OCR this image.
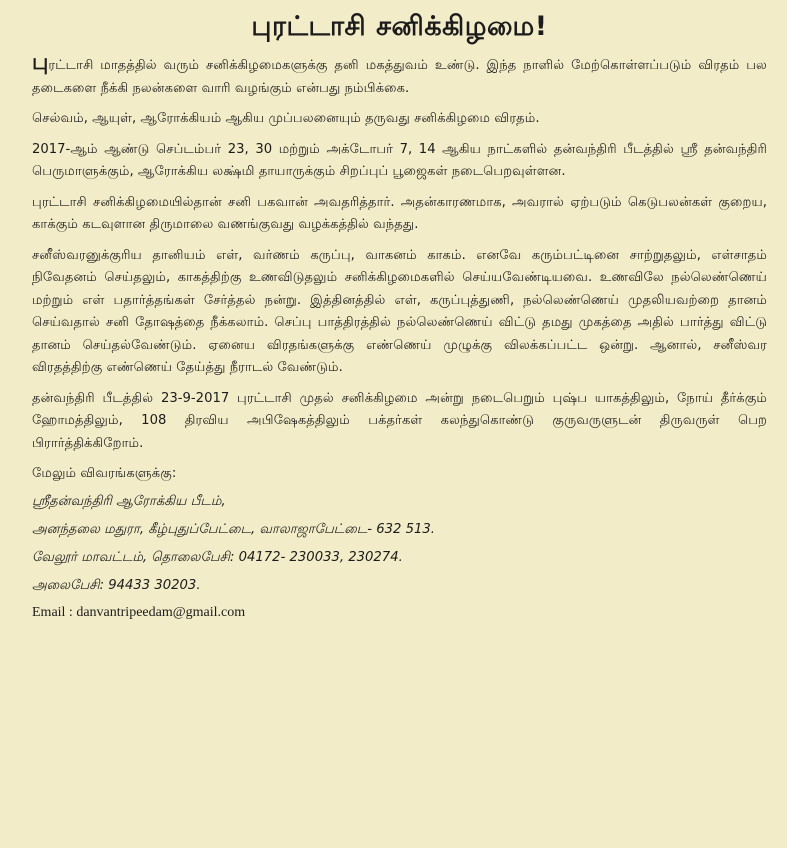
புரட்டாசி சனிக்கிழமை!

புரட்டாசி மாதத்தில் வரும் சனிக்கிழமைகளுக்கு தனி மகத்துவம் உண்டு. இந்த நாளில் மேற்கொள்ளப்படும் விரதம் பல தடைகளை நீக்கி நலன்களை வாரி வழங்கும் என்பது நம்பிக்கை.

செல்வம், ஆயுள், ஆரோக்கியம் ஆகிய முப்பலனையும் தருவது சனிக்கிழமை விரதம்.

2017-ஆம் ஆண்டு செப்டம்பர் 23, 30 மற்றும் அக்டோபர் 7, 14 ஆகிய நாட்களில் தன்வந்திரி பீடத்தில் ஸ்ரீ தன்வந்திரி பெருமாளுக்கும், ஆரோக்கிய லக்ஷ்மி தாயாருக்கும் சிறப்புப் பூஜைகள் நடைபெறவுள்ளன.

புரட்டாசி சனிக்கிழமையில்தான் சனி பகவான் அவதரித்தார். அதன்காரணமாக, அவரால் ஏற்படும் கெடுபலன்கள் குறைய, காக்கும் கடவுளான திருமாலை வணங்குவது வழக்கத்தில் வந்தது.

சனீஸ்வரனுக்குரிய தானியம் எள், வர்ணம் கருப்பு, வாகனம் காகம். எனவே கரும்பட்டினை சாற்றுதலும், எள்சாதம் நிவேதனம் செய்தலும், காகத்திற்கு உணவிடுதலும் சனிக்கிழமைகளில் செய்யவேண்டியவை. உணவிலே நல்லெண்ணெய் மற்றும் எள் பதார்த்தங்கள் சேர்த்தல் நன்று. இத்தினத்தில் எள், கருப்புத்துணி, நல்லெண்ணெய் முதலியவற்றை தானம் செய்வதால் சனி தோஷத்தை நீக்கலாம். செப்பு பாத்திரத்தில் நல்லெண்ணெய் விட்டு தமது முகத்தை அதில் பார்த்து விட்டு தானம் செய்தல்வேண்டும். ஏனைய விரதங்களுக்கு எண்ணெய் முழுக்கு விலக்கப்பட்ட ஒன்று. ஆனால், சனீஸ்வர விரதத்திற்கு எண்ணெய் தேய்த்து நீராடல் வேண்டும்.

தன்வந்திரி பீடத்தில் 23-9-2017 புரட்டாசி முதல் சனிக்கிழமை அன்று நடைபெறும் புஷ்ப யாகத்திலும், நோய் தீர்க்கும் ஹோமத்திலும், 108 திரவிய அபிஷேகத்திலும் பக்தர்கள் கலந்துகொண்டு குருவருளுடன் திருவருள் பெற பிரார்த்திக்கிறோம்.

மேலும் விவரங்களுக்கு:

ஸ்ரீதன்வந்திரி ஆரோக்கிய பீடம்,

அனந்தலை மதுரா, கீழ்புதுப்பேட்டை, வாலாஜாபேட்டை- 632 513.

வேலூர் மாவட்டம், தொலைபேசி: 04172- 230033, 230274.

அலைபேசி: 94433 30203.

Email : danvantripeedam@gmail.com
